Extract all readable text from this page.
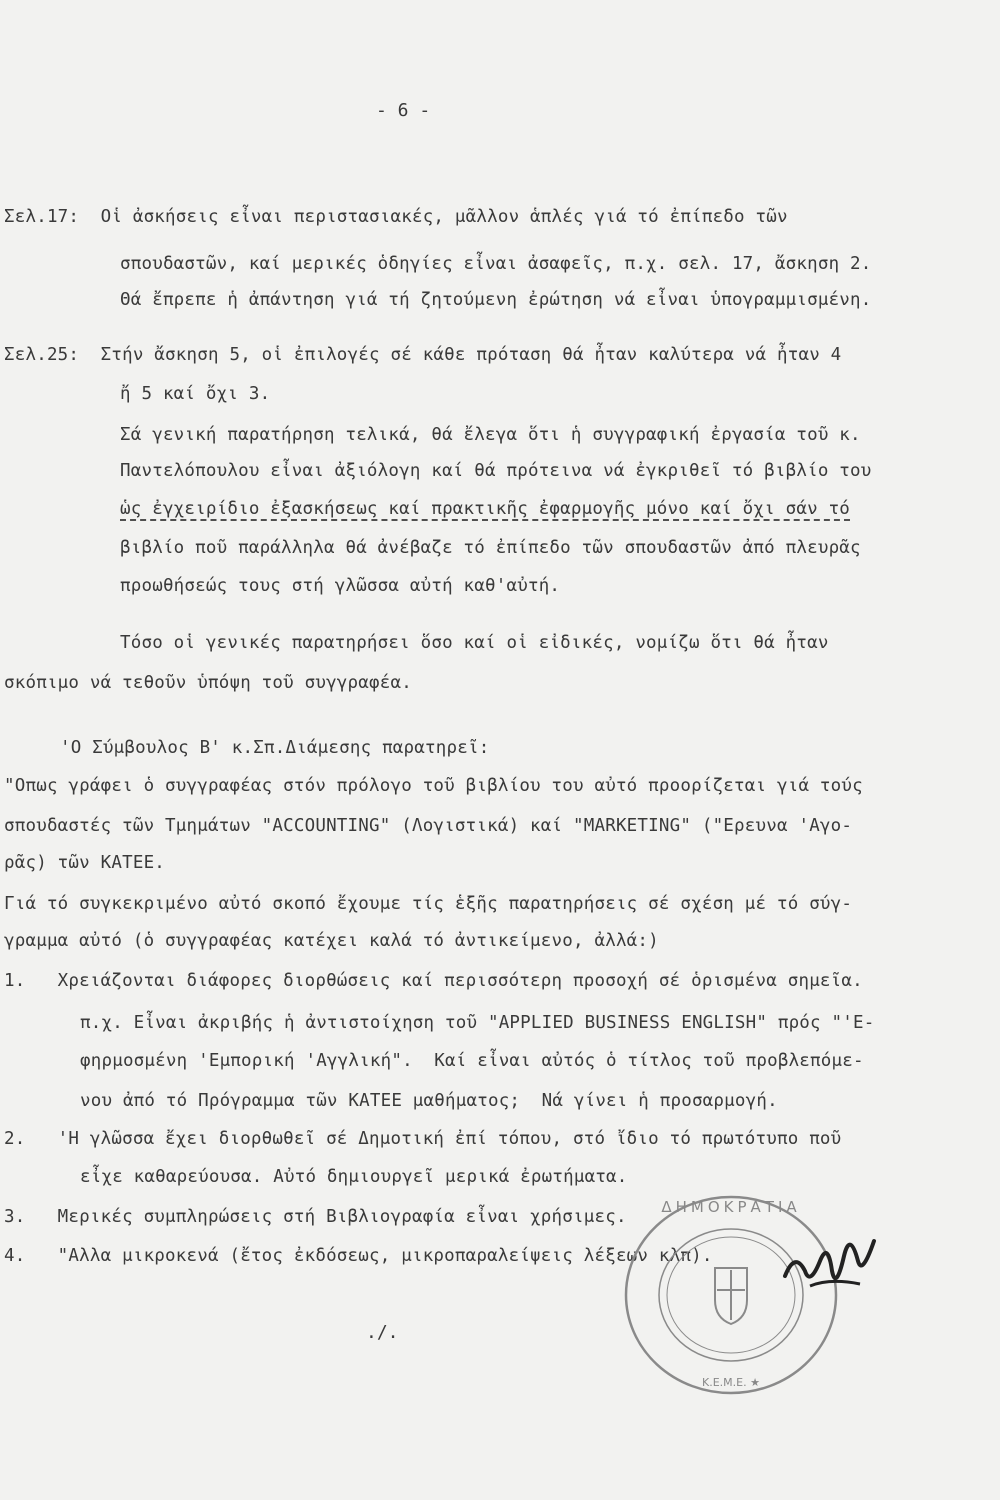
- 6 -
Σελ.17:  Οἱ ἀσκήσεις εἶναι περιστασιακές, μᾶλλον ἁπλές γιά τό ἐπίπεδο τῶν
σπουδαστῶν, καί μερικές ὁδηγίες εἶναι ἀσαφεῖς, π.χ. σελ. 17, ἄσκηση 2.
Θά ἔπρεπε ἡ ἀπάντηση γιά τή ζητούμενη ἐρώτηση νά εἶναι ὑπογραμμισμένη.
Σελ.25:  Στήν ἄσκηση 5, οἱ ἐπιλογές σέ κάθε πρόταση θά ἦταν καλύτερα νά ἦταν 4
ἤ 5 καί ὄχι 3.
Σά γενική παρατήρηση τελικά, θά ἔλεγα ὅτι ἡ συγγραφική ἐργασία τοῦ κ.
Παντελόπουλου εἶναι ἀξιόλογη καί θά πρότεινα νά ἐγκριθεῖ τό βιβλίο του
ὡς ἐγχειρίδιο ἐξασκήσεως καί πρακτικῆς ἐφαρμογῆς μόνο καί ὄχι σάν τό
βιβλίο ποῦ παράλληλα θά ἀνέβαζε τό ἐπίπεδο τῶν σπουδαστῶν ἀπό πλευρᾶς
προωθήσεώς τους στή γλῶσσα αὐτή καθ'αὐτή.
Τόσο οἱ γενικές παρατηρήσει ὅσο καί οἱ εἰδικές, νομίζω ὅτι θά ἦταν
σκόπιμο νά τεθοῦν ὑπόψη τοῦ συγγραφέα.
'Ο Σύμβουλος Β' κ.Σπ.Διάμεσης παρατηρεῖ:
"Οπως γράφει ὁ συγγραφέας στόν πρόλογο τοῦ βιβλίου του αὐτό προορίζεται γιά τούς
σπουδαστές τῶν Τμημάτων "ACCOUNTING" (Λογιστικά) καί "MARKETING" ("Ερευνα 'Αγο-
ρᾶς) τῶν ΚΑΤΕΕ.
Γιά τό συγκεκριμένο αὐτό σκοπό ἔχουμε τίς ἑξῆς παρατηρήσεις σέ σχέση μέ τό σύγ-
γραμμα αὐτό (ὁ συγγραφέας κατέχει καλά τό ἀντικείμενο, ἀλλά:)
1.   Χρειάζονται διάφορες διορθώσεις καί περισσότερη προσοχή σέ ὁρισμένα σημεῖα.
π.χ. Εἶναι ἀκριβής ἡ ἀντιστοίχηση τοῦ "APPLIED BUSINESS ENGLISH" πρός "'Ε-
φηρμοσμένη 'Εμπορική 'Αγγλική".  Καί εἶναι αὐτός ὁ τίτλος τοῦ προβλεπόμε-
νου ἀπό τό Πρόγραμμα τῶν ΚΑΤΕΕ μαθήματος;  Νά γίνει ἡ προσαρμογή.
2.   'Η γλῶσσα ἔχει διορθωθεῖ σέ Δημοτική ἐπί τόπου, στό ἴδιο τό πρωτότυπο ποῦ
εἶχε καθαρεύουσα. Αὐτό δημιουργεῖ μερικά ἐρωτήματα.
3.   Μερικές συμπληρώσεις στή Βιβλιογραφία εἶναι χρήσιμες.
4.   "Αλλα μικροκενά (ἔτος ἐκδόσεως, μικροπαραλείψεις λέξεων κλπ).
./.
ΔΗΜΟΚΡΑΤΙΑ
Κ.Ε.Μ.Ε. ★
